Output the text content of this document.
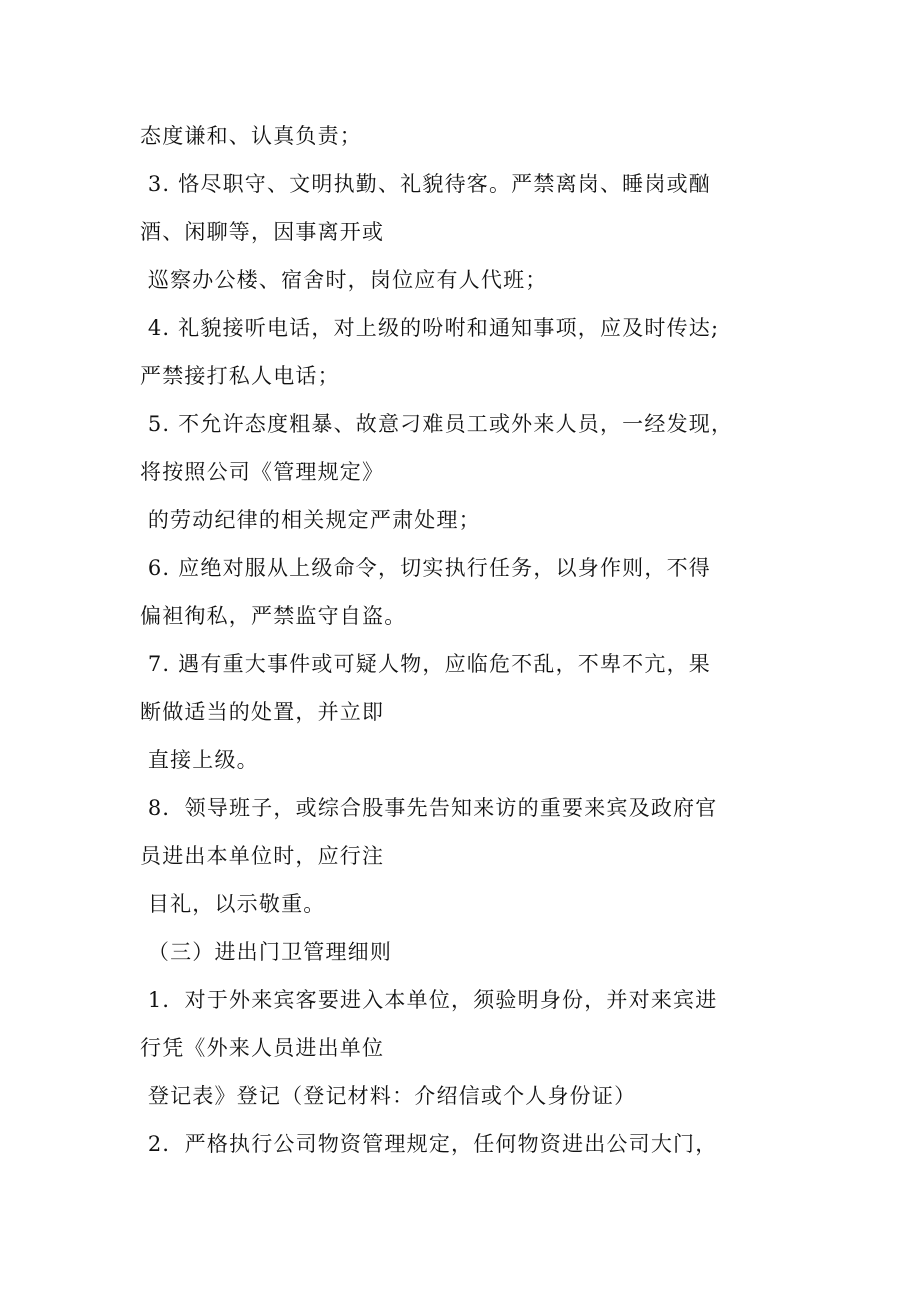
态度谦和、认真负责；
3. 恪尽职守、文明执勤、礼貌待客。严禁离岗、睡岗或酗
酒、闲聊等，因事离开或
巡察办公楼、宿舍时，岗位应有人代班；
4. 礼貌接听电话，对上级的吩咐和通知事项，应及时传达;
严禁接打私人电话；
5. 不允许态度粗暴、故意刁难员工或外来人员，一经发现，
将按照公司《管理规定》
的劳动纪律的相关规定严肃处理；
6. 应绝对服从上级命令，切实执行任务，以身作则，不得
偏袒徇私，严禁监守自盗。
7. 遇有重大事件或可疑人物，应临危不乱，不卑不亢，果
断做适当的处置，并立即
直接上级。
8．领导班子，或综合股事先告知来访的重要来宾及政府官
员进出本单位时，应行注
目礼，以示敬重。
（三）进出门卫管理细则
1．对于外来宾客要进入本单位，须验明身份，并对来宾进
行凭《外来人员进出单位
登记表》登记（登记材料：介绍信或个人身份证）
2．严格执行公司物资管理规定，任何物资进出公司大门，
